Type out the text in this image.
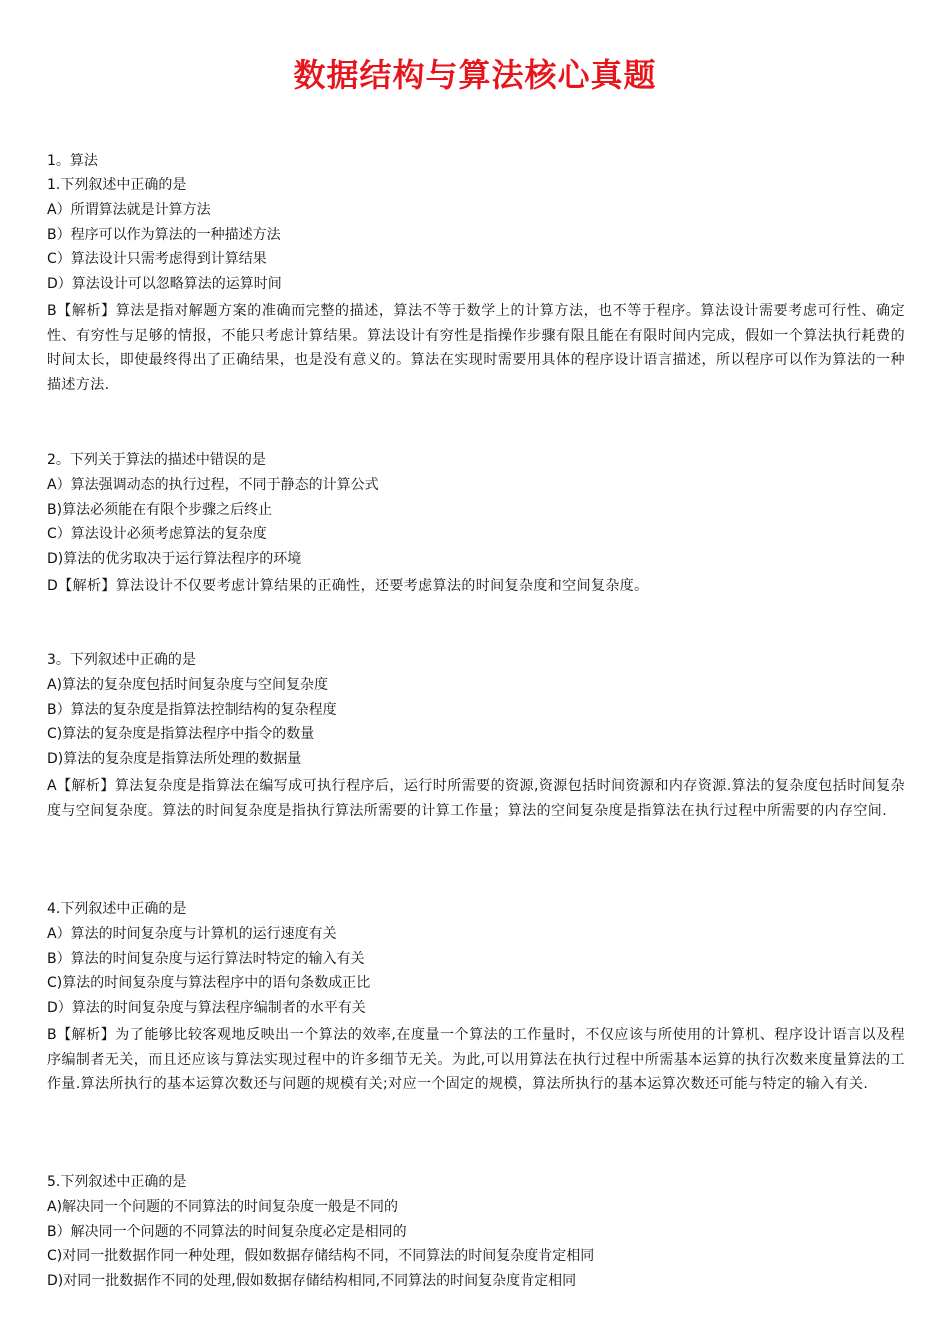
数据结构与算法核心真题

1。算法

1.下列叙述中正确的是

A）所谓算法就是计算方法

B）程序可以作为算法的一种描述方法

C）算法设计只需考虑得到计算结果

D）算法设计可以忽略算法的运算时间

B【解析】算法是指对解题方案的准确而完整的描述，算法不等于数学上的计算方法，也不等于程序。算法设计需要考虑可行性、确定性、有穷性与足够的情报，不能只考虑计算结果。算法设计有穷性是指操作步骤有限且能在有限时间内完成，假如一个算法执行耗费的时间太长，即使最终得出了正确结果，也是没有意义的。算法在实现时需要用具体的程序设计语言描述，所以程序可以作为算法的一种描述方法.

2。下列关于算法的描述中错误的是

A）算法强调动态的执行过程，不同于静态的计算公式

B)算法必须能在有限个步骤之后终止

C）算法设计必须考虑算法的复杂度

D)算法的优劣取决于运行算法程序的环境

D【解析】算法设计不仅要考虑计算结果的正确性，还要考虑算法的时间复杂度和空间复杂度。

3。下列叙述中正确的是

A)算法的复杂度包括时间复杂度与空间复杂度

B）算法的复杂度是指算法控制结构的复杂程度

C)算法的复杂度是指算法程序中指令的数量

D)算法的复杂度是指算法所处理的数据量

A【解析】算法复杂度是指算法在编写成可执行程序后，运行时所需要的资源,资源包括时间资源和内存资源.算法的复杂度包括时间复杂度与空间复杂度。算法的时间复杂度是指执行算法所需要的计算工作量；算法的空间复杂度是指算法在执行过程中所需要的内存空间.

4.下列叙述中正确的是

A）算法的时间复杂度与计算机的运行速度有关

B）算法的时间复杂度与运行算法时特定的输入有关

C)算法的时间复杂度与算法程序中的语句条数成正比

D）算法的时间复杂度与算法程序编制者的水平有关

B【解析】为了能够比较客观地反映出一个算法的效率,在度量一个算法的工作量时，不仅应该与所使用的计算机、程序设计语言以及程序编制者无关，而且还应该与算法实现过程中的许多细节无关。为此,可以用算法在执行过程中所需基本运算的执行次数来度量算法的工作量.算法所执行的基本运算次数还与问题的规模有关;对应一个固定的规模，算法所执行的基本运算次数还可能与特定的输入有关.

5.下列叙述中正确的是

A)解决同一个问题的不同算法的时间复杂度一般是不同的

B）解决同一个问题的不同算法的时间复杂度必定是相同的

C)对同一批数据作同一种处理，假如数据存储结构不同，不同算法的时间复杂度肯定相同

D)对同一批数据作不同的处理,假如数据存储结构相同,不同算法的时间复杂度肯定相同
